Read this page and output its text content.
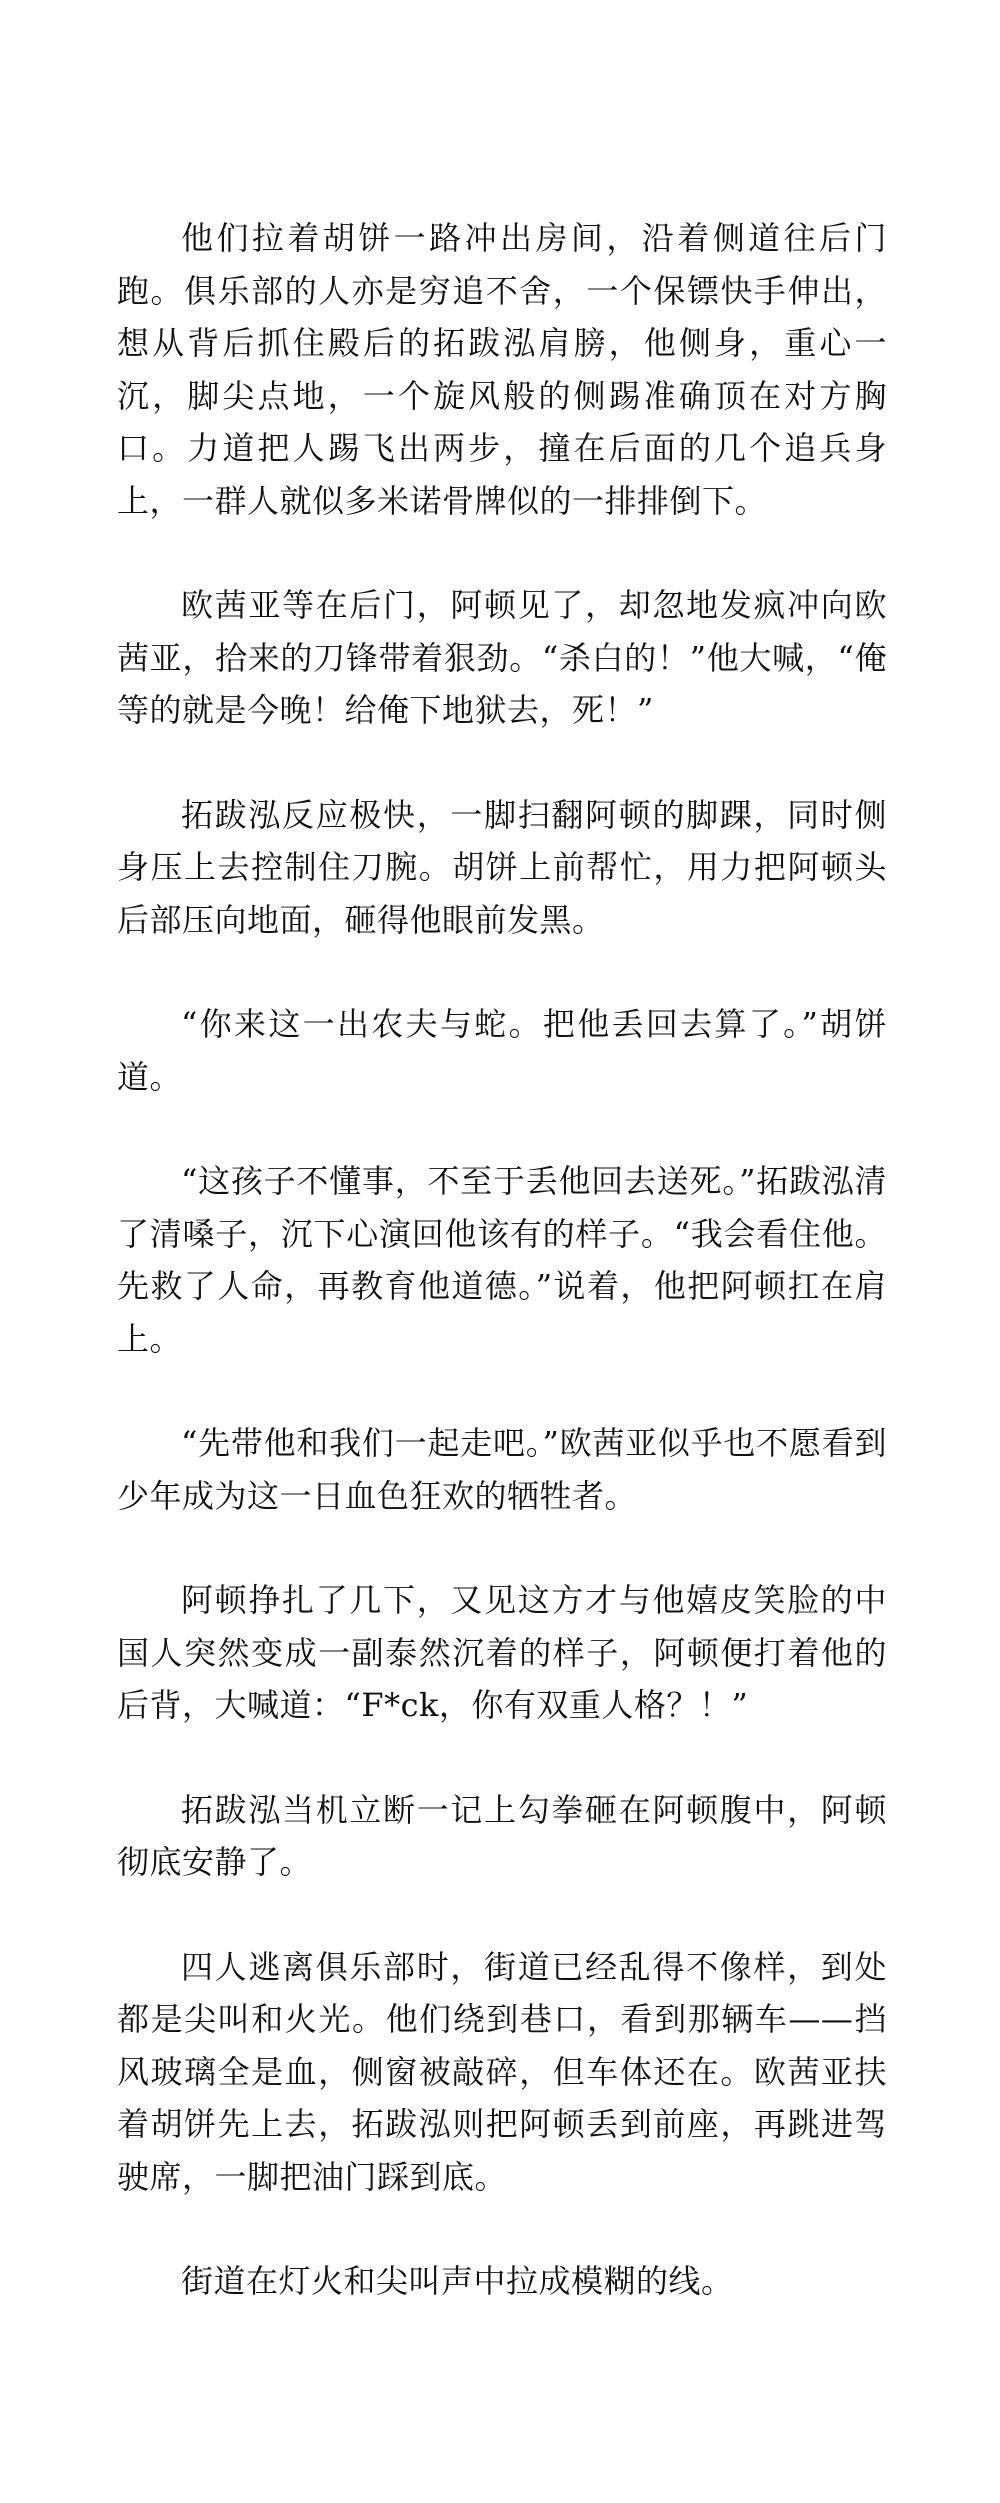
他们拉着胡饼一路冲出房间，沿着侧道往后门跑。俱乐部的人亦是穷追不舍，一个保镖快手伸出，想从背后抓住殿后的拓跋泓肩膀，他侧身，重心一沉，脚尖点地，一个旋风般的侧踢准确顶在对方胸口。力道把人踢飞出两步，撞在后面的几个追兵身上，一群人就似多米诺骨牌似的一排排倒下。

欧茜亚等在后门，阿顿见了，却忽地发疯冲向欧茜亚，拾来的刀锋带着狠劲。“杀白的！”他大喊，“俺等的就是今晚！给俺下地狱去，死！”

拓跋泓反应极快，一脚扫翻阿顿的脚踝，同时侧身压上去控制住刀腕。胡饼上前帮忙，用力把阿顿头后部压向地面，砸得他眼前发黑。

“你来这一出农夫与蛇。把他丢回去算了。”胡饼道。

“这孩子不懂事，不至于丢他回去送死。”拓跋泓清了清嗓子，沉下心演回他该有的样子。“我会看住他。先救了人命，再教育他道德。”说着，他把阿顿扛在肩上。

“先带他和我们一起走吧。”欧茜亚似乎也不愿看到少年成为这一日血色狂欢的牺牲者。

阿顿挣扎了几下，又见这方才与他嬉皮笑脸的中国人突然变成一副泰然沉着的样子，阿顿便打着他的后背，大喊道：“F*ck，你有双重人格？！”

拓跋泓当机立断一记上勾拳砸在阿顿腹中，阿顿彻底安静了。

四人逃离俱乐部时，街道已经乱得不像样，到处都是尖叫和火光。他们绕到巷口，看到那辆车——挡风玻璃全是血，侧窗被敲碎，但车体还在。欧茜亚扶着胡饼先上去，拓跋泓则把阿顿丢到前座，再跳进驾驶席，一脚把油门踩到底。

街道在灯火和尖叫声中拉成模糊的线。
